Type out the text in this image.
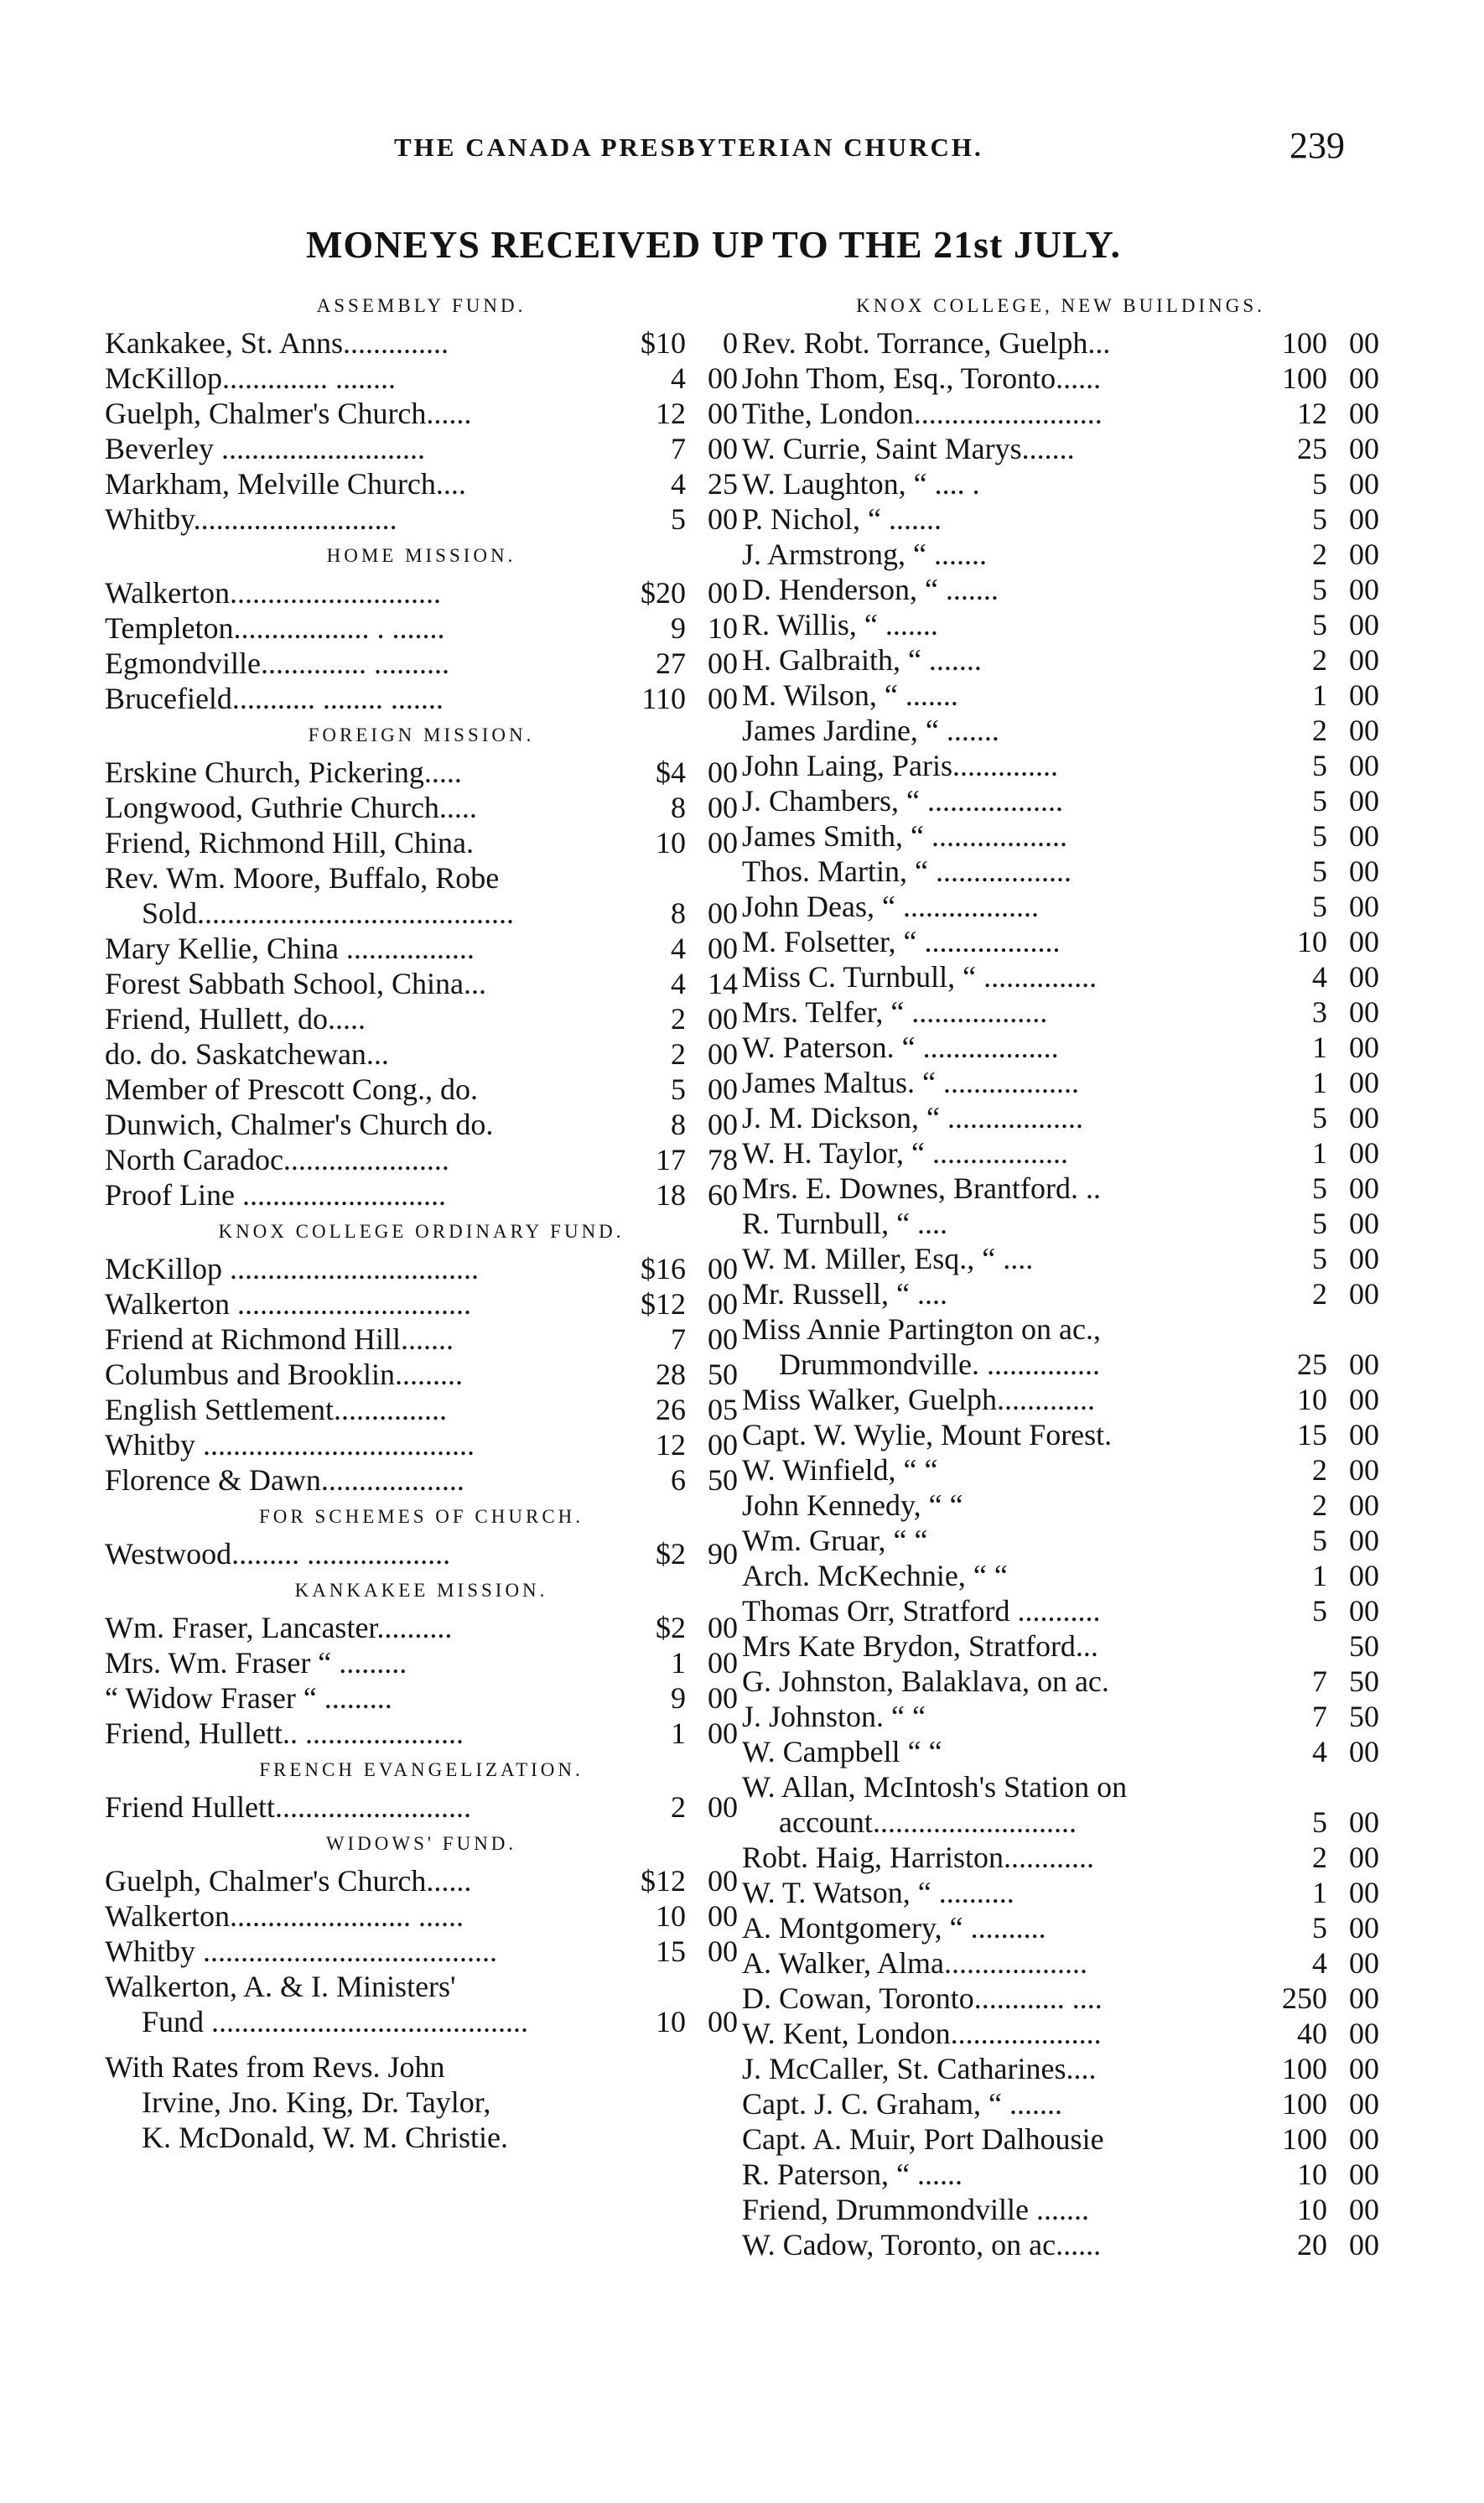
THE CANADA PRESBYTERIAN CHURCH.	239
MONEYS RECEIVED UP TO THE 21st JULY.
ASSEMBLY FUND.
Kankakee, St. Anns..............	$10	0
McKillop.............. ........	4 00
Guelph, Chalmer's Church......	12 00
Beverley ...........................	7 00
Markham, Melville Church....	4 25
Whitby...........................	5 00
HOME MISSION.
Walkerton............................	$20 00
Templeton.................. . .......	9 10
Egmondville.............. ..........	27 00
Brucefield........... ........ .......	110 00
FOREIGN MISSION.
Erskine Church, Pickering.....	$4 00
Longwood, Guthrie Church.....	8 00
Friend, Richmond Hill, China.	10 00
Rev. Wm. Moore, Buffalo, Robe
Sold..........................................	8 00
Mary Kellie, China .................	4 00
Forest Sabbath School, China...	4 14
Friend, Hullett, do.....	2 00
do. do. Saskatchewan...	2 00
Member of Prescott Cong., do.	5 00
Dunwich, Chalmer's Church do.	8 00
North Caradoc......................	17 78
Proof Line ...........................	18 60
KNOX COLLEGE ORDINARY FUND.
McKillop .................................	$16 00
Walkerton ...............................	$12 00
Friend at Richmond Hill.......	7 00
Columbus and Brooklin.........	28 50
English Settlement...............	26 05
Whitby ....................................	12 00
Florence & Dawn...................	6 50
FOR SCHEMES OF CHURCH.
Westwood......... ...................	$2 90
KANKAKEE MISSION.
Wm. Fraser, Lancaster..........	$2 00
Mrs. Wm. Fraser “ .........	1 00
“ Widow Fraser “ .........	9 00
Friend, Hullett.. .....................	1 00
FRENCH EVANGELIZATION.
Friend Hullett..........................	2 00
WIDOWS' FUND.
Guelph, Chalmer's Church......	$12 00
Walkerton........................ ......	10 00
Whitby .......................................	15 00
Walkerton, A. & I. Ministers'
Fund ..........................................	10 00
With Rates from Revs. John
Irvine, Jno. King, Dr. Taylor,
K. McDonald, W. M. Christie.
KNOX COLLEGE, NEW BUILDINGS.
Rev. Robt. Torrance, Guelph...	100 00
John Thom, Esq., Toronto......	100 00
Tithe, London.........................	12 00
W. Currie, Saint Marys.......	25 00
W. Laughton, “ .... .	5 00
P. Nichol, “ .......	5 00
J. Armstrong, “ .......	2 00
D. Henderson, “ .......	5 00
R. Willis, “ .......	5 00
H. Galbraith, “ .......	2 00
M. Wilson, “ .......	1 00
James Jardine, “ .......	2 00
John Laing, Paris..............	5 00
J. Chambers, “ ..................	5 00
James Smith, “ ..................	5 00
Thos. Martin, “ ..................	5 00
John Deas, “ ..................	5 00
M. Folsetter, “ ..................	10 00
Miss C. Turnbull, “ ...............	4 00
Mrs. Telfer, “ ..................	3 00
W. Paterson. “ ..................	1 00
James Maltus. “ ..................	1 00
J. M. Dickson, “ ..................	5 00
W. H. Taylor, “ ..................	1 00
Mrs. E. Downes, Brantford. ..	5 00
R. Turnbull, “ ....	5 00
W. M. Miller, Esq., “ ....	5 00
Mr. Russell, “ ....	2 00
Miss Annie Partington on ac.,
Drummondville. ...............	25 00
Miss Walker, Guelph.............	10 00
Capt. W. Wylie, Mount Forest.	15 00
W. Winfield, “ “	2 00
John Kennedy, “ “	2 00
Wm. Gruar, “ “	5 00
Arch. McKechnie, “ “	1 00
Thomas Orr, Stratford ...........	5 00
Mrs Kate Brydon, Stratford...	50
G. Johnston, Balaklava, on ac.	7 50
J. Johnston. “ “	7 50
W. Campbell “ “	4 00
W. Allan, McIntosh's Station on
account...........................	5 00
Robt. Haig, Harriston............	2 00
W. T. Watson, “ ..........	1 00
A. Montgomery, “ ..........	5 00
A. Walker, Alma...................	4 00
D. Cowan, Toronto............ ....	250 00
W. Kent, London....................	40 00
J. McCaller, St. Catharines....	100 00
Capt. J. C. Graham, “ .......	100 00
Capt. A. Muir, Port Dalhousie	100 00
R. Paterson, “ ......	10 00
Friend, Drummondville .......	10 00
W. Cadow, Toronto, on ac......	20 00
